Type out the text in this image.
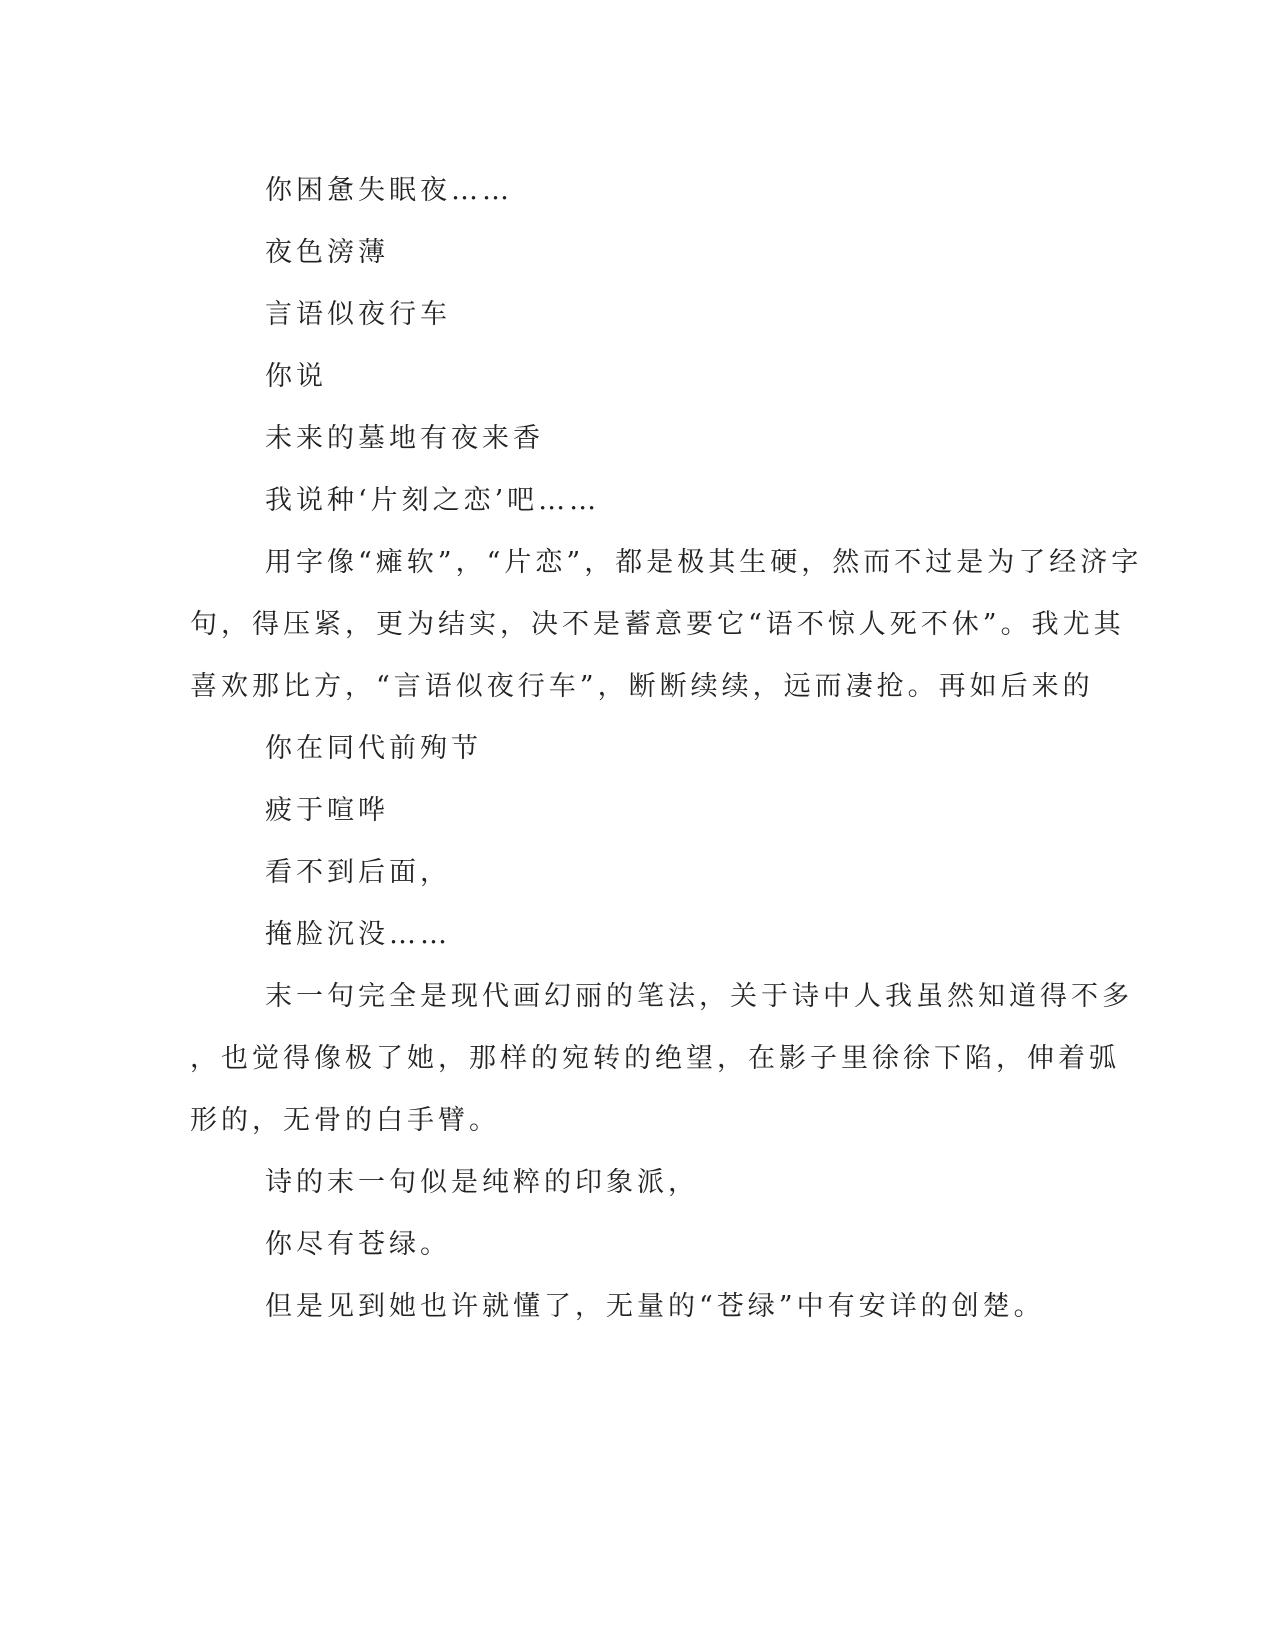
你困惫失眠夜……

夜色滂薄

言语似夜行车

你说

未来的墓地有夜来香

我说种‘片刻之恋’吧……

用字像“瘫软”，“片恋”，都是极其生硬，然而不过是为了经济字

句，得压紧，更为结实，决不是蓄意要它“语不惊人死不休”。我尤其

喜欢那比方，“言语似夜行车”，断断续续，远而凄抢。再如后来的

你在同代前殉节

疲于喧哗

看不到后面，

掩脸沉没……

末一句完全是现代画幻丽的笔法，关于诗中人我虽然知道得不多

，也觉得像极了她，那样的宛转的绝望，在影子里徐徐下陷，伸着弧

形的，无骨的白手臂。

诗的末一句似是纯粹的印象派，

你尽有苍绿。

但是见到她也许就懂了，无量的“苍绿”中有安详的创楚。
